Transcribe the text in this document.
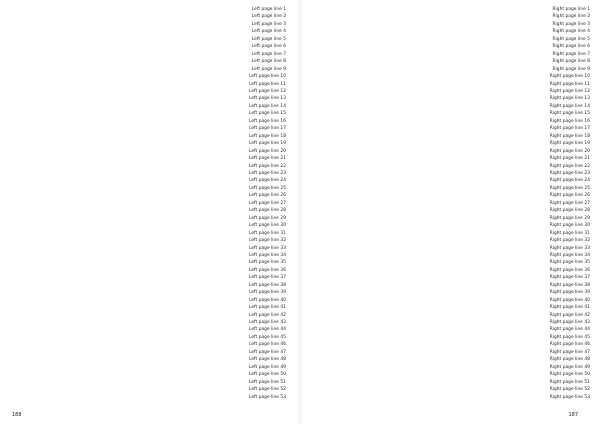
Left page line 1
Left page line 2
Left page line 3
Left page line 4
Left page line 5
Left page line 6
Left page line 7
Left page line 8
Left page line 9
Left page line 10
Left page line 11
Left page line 12
Left page line 13
Left page line 14
Left page line 15
Left page line 16
Left page line 17
Left page line 18
Left page line 19
Left page line 20
Left page line 21
Left page line 22
Left page line 23
Left page line 24
Left page line 25
Left page line 26
Left page line 27
Left page line 28
Left page line 29
Left page line 30
Left page line 31
Left page line 32
Left page line 33
Left page line 34
Left page line 35
Left page line 36
Left page line 37
Left page line 38
Left page line 39
Left page line 40
Left page line 41
Left page line 42
Left page line 43
Left page line 44
Left page line 45
Left page line 46
Left page line 47
Left page line 48
Left page line 49
Left page line 50
Left page line 51
Left page line 52
Left page line 53
188
Right page line 1
Right page line 2
Right page line 3
Right page line 4
Right page line 5
Right page line 6
Right page line 7
Right page line 8
Right page line 9
Right page line 10
Right page line 11
Right page line 12
Right page line 13
Right page line 14
Right page line 15
Right page line 16
Right page line 17
Right page line 18
Right page line 19
Right page line 20
Right page line 21
Right page line 22
Right page line 23
Right page line 24
Right page line 25
Right page line 26
Right page line 27
Right page line 28
Right page line 29
Right page line 30
Right page line 31
Right page line 32
Right page line 33
Right page line 34
Right page line 35
Right page line 36
Right page line 37
Right page line 38
Right page line 39
Right page line 40
Right page line 41
Right page line 42
Right page line 43
Right page line 44
Right page line 45
Right page line 46
Right page line 47
Right page line 48
Right page line 49
Right page line 50
Right page line 51
Right page line 52
Right page line 53
187
